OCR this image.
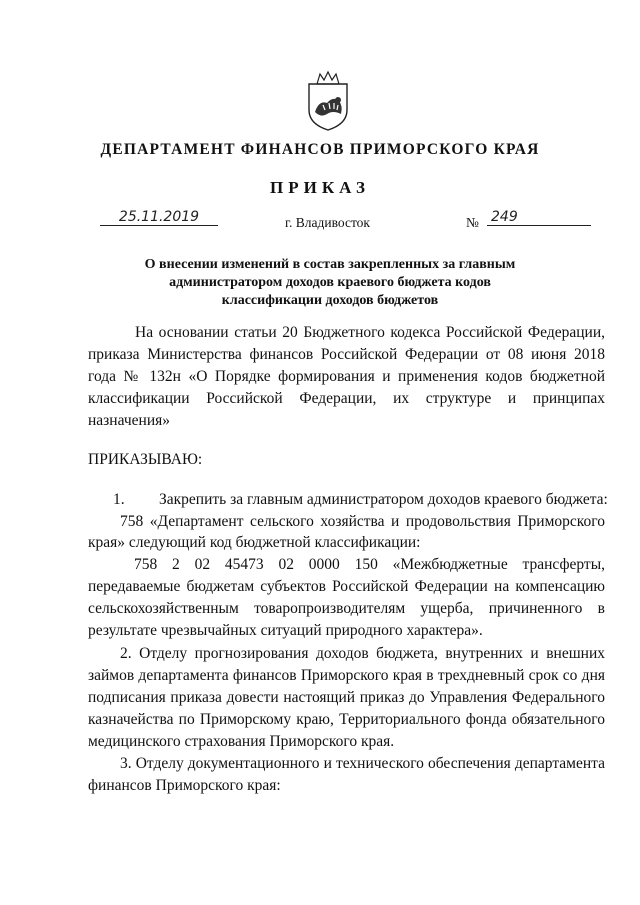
ДЕПАРТАМЕНТ ФИНАНСОВ ПРИМОРСКОГО КРАЯ
ПРИКАЗ
25.11.2019	г. Владивосток	№ 249
О внесении изменений в состав закрепленных за главным
администратором доходов краевого бюджета кодов
классификации доходов бюджетов
На основании статьи 20 Бюджетного кодекса Российской Федерации,
приказа Министерства финансов Российской Федерации от 08 июня 2018
года № 132н «О Порядке формирования и применения кодов бюджетной
классификации Российской Федерации, их структуре и принципах
назначения»
ПРИКАЗЫВАЮ:
1. Закрепить за главным администратором доходов краевого бюджета:
758 «Департамент сельского хозяйства и продовольствия Приморского
края» следующий код бюджетной классификации:
758 2 02 45473 02 0000 150 «Межбюджетные трансферты,
передаваемые бюджетам субъектов Российской Федерации на компенсацию
сельскохозяйственным товаропроизводителям ущерба, причиненного в
результате чрезвычайных ситуаций природного характера».
2. Отделу прогнозирования доходов бюджета, внутренних и внешних
займов департамента финансов Приморского края в трехдневный срок со дня
подписания приказа довести настоящий приказ до Управления Федерального
казначейства по Приморскому краю, Территориального фонда обязательного
медицинского страхования Приморского края.
3. Отделу документационного и технического обеспечения департамента
финансов Приморского края:
